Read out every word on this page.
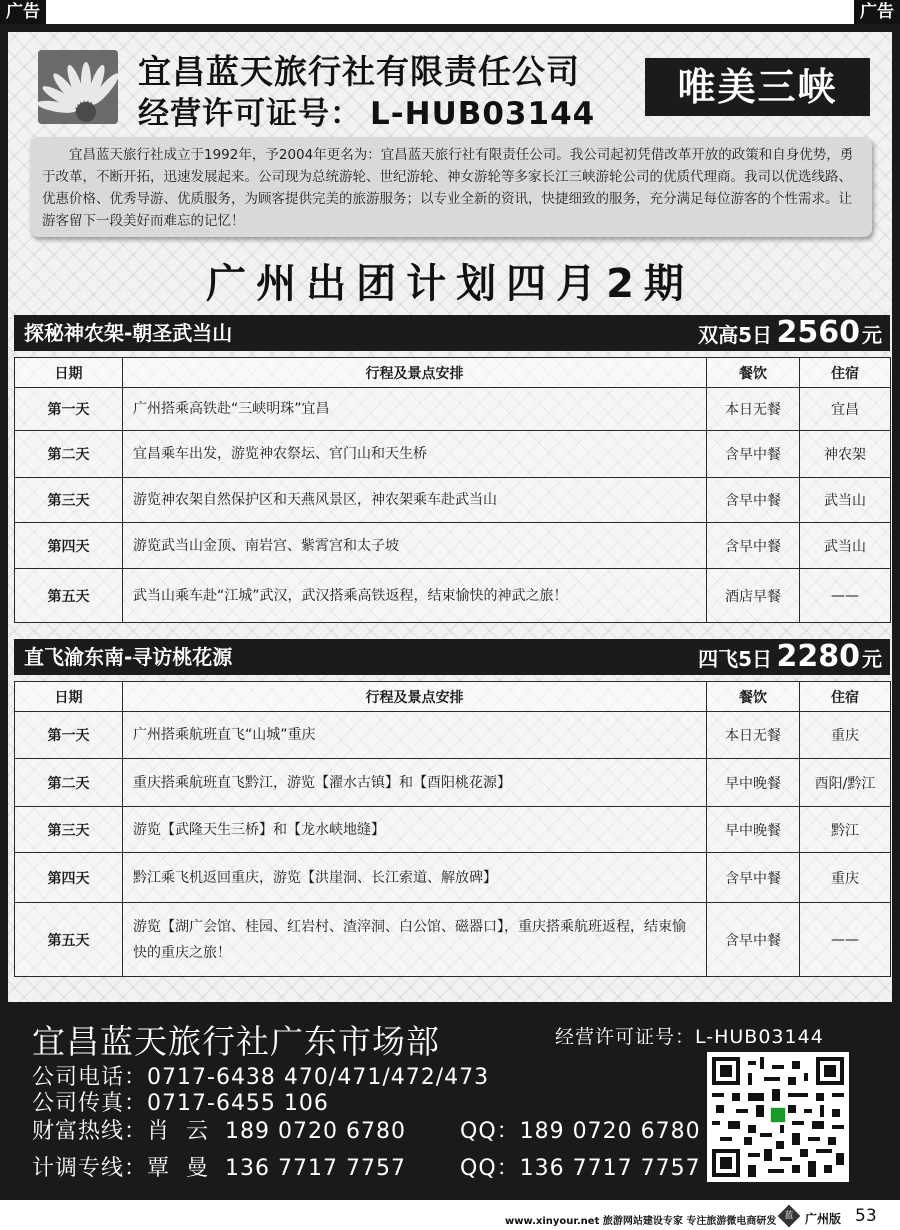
广告	广告
宜昌蓝天旅行社有限责任公司
经营许可证号： L-HUB03144
唯美三峡
宜昌蓝天旅行社成立于1992年，予2004年更名为：宜昌蓝天旅行社有限责任公司。我公司起初凭借改革开放的政策和自身优势，勇于改革，不断开拓，迅速发展起来。公司现为总统游轮、世纪游轮、神女游轮等多家长江三峡游轮公司的优质代理商。我司以优选线路、优惠价格、优秀导游、优质服务，为顾客提供完美的旅游服务；以专业全新的资讯，快捷细致的服务，充分满足每位游客的个性需求。让游客留下一段美好而难忘的记忆！
广州出团计划四月2期
探秘神农架-朝圣武当山	双高5日 2560 元
日期	行程及景点安排	餐饮	住宿
第一天	广州搭乘高铁赴“三峡明珠”宜昌	本日无餐	宜昌
第二天	宜昌乘车出发，游览神农祭坛、官门山和天生桥	含早中餐	神农架
第三天	游览神农架自然保护区和天燕风景区，神农架乘车赴武当山	含早中餐	武当山
第四天	游览武当山金顶、南岩宫、紫霄宫和太子坡	含早中餐	武当山
第五天	武当山乘车赴“江城”武汉，武汉搭乘高铁返程，结束愉快的神武之旅！	酒店早餐	——
直飞渝东南-寻访桃花源	四飞5日 2280 元
日期	行程及景点安排	餐饮	住宿
第一天	广州搭乘航班直飞“山城”重庆	本日无餐	重庆
第二天	重庆搭乘航班直飞黔江，游览【濯水古镇】和【酉阳桃花源】	早中晚餐	酉阳/黔江
第三天	游览【武隆天生三桥】和【龙水峡地缝】	早中晚餐	黔江
第四天	黔江乘飞机返回重庆，游览【洪崖洞、长江索道、解放碑】	含早中餐	重庆
第五天	游览【湖广会馆、桂园、红岩村、渣滓洞、白公馆、磁器口】，重庆搭乘航班返程，结束愉快的重庆之旅！	含早中餐	——
宜昌蓝天旅行社广东市场部	经营许可证号：L-HUB03144
公司电话：0717-6438 470/471/472/473
公司传真：0717-6455 106
财富热线：肖  云 189 0720 6780 QQ：189 0720 6780
计调专线：覃  曼 136 7717 7757 QQ：136 7717 7757
www.xinyour.net 旅游网站建设专家 专注旅游微电商研发 蓝 广州版 53
